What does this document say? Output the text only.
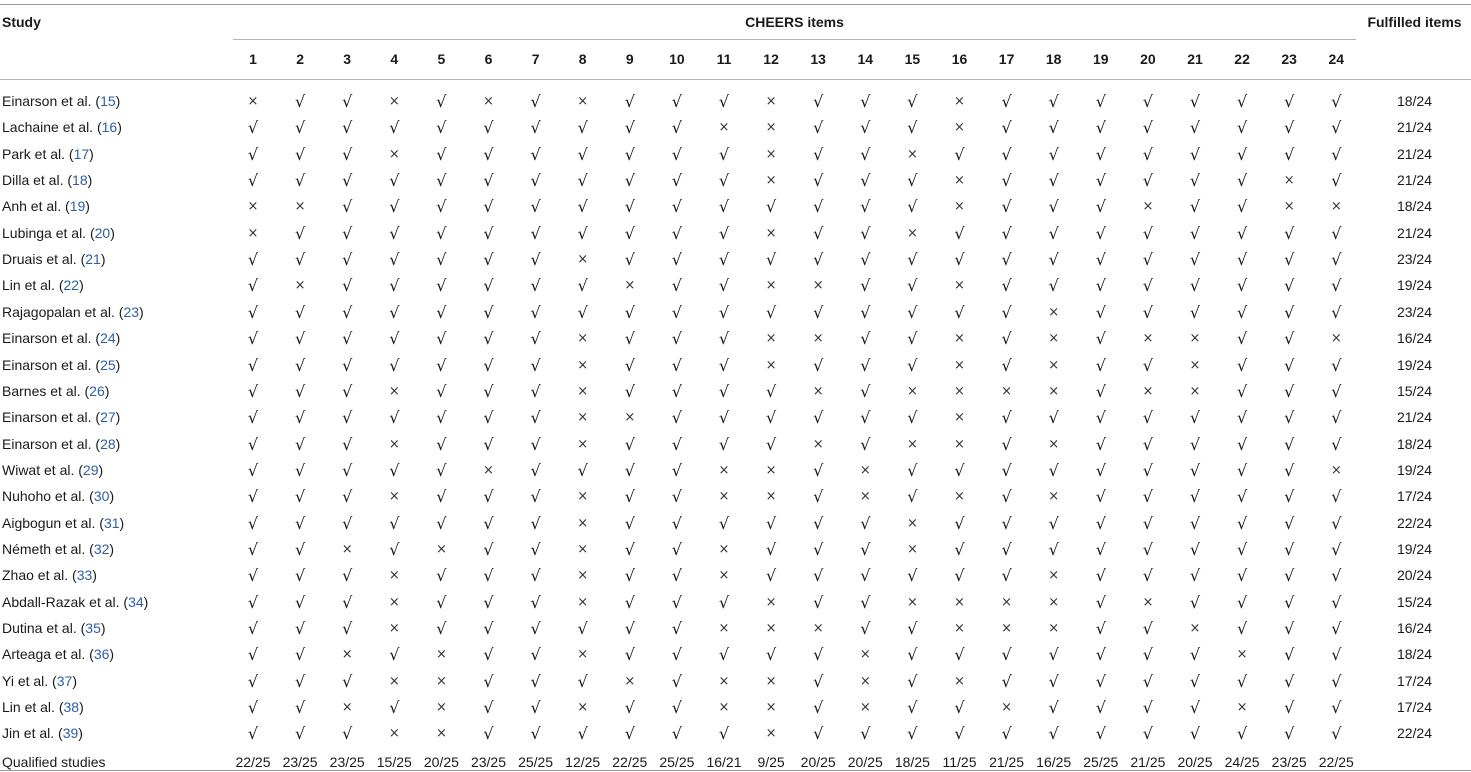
Study	CHEERS items	Fulfilled items
1	2	3	4	5	6	7	8	9	10 11 12 13 14 15 16 17 18 19 20 21 22 23 24
Einarson et al. (15)	×	√	√	×	√	×	√	×	√	√	√	×	√	√	√	×	√	√	√	√	√	√	√	√	18/24
Lachaine et al. (16)	√	√	√	√	√	√	√	√	√	√	×	×	√	√	√	×	√	√	√	√	√	√	√	√	21/24
Park et al. (17)	√	√	√	×	√	√	√	√	√	√	√	×	√	√	×	√	√	√	√	√	√	√	√	√	21/24
Dilla et al. (18)	√	√	√	√	√	√	√	√	√	√	√	×	√	√	√	×	√	√	√	√	√	√	×	√	21/24
Anh et al. (19)	×	×	√	√	√	√	√	√	√	√	√	√	√	√	√	×	√	√	√	×	√	√	×	×	18/24
Lubinga et al. (20)	×	√	√	√	√	√	√	√	√	√	√	×	√	√	×	√	√	√	√	√	√	√	√	√	21/24
Druais et al. (21)	√	√	√	√	√	√	√	×	√	√	√	√	√	√	√	√	√	√	√	√	√	√	√	√	23/24
Lin et al. (22)	√	×	√	√	√	√	√	√	×	√	√	×	×	√	√	×	√	√	√	√	√	√	√	√	19/24
Rajagopalan et al. (23)	√	√	√	√	√	√	√	√	√	√	√	√	√	√	√	√	√	×	√	√	√	√	√	√	23/24
Einarson et al. (24)	√	√	√	√	√	√	√	×	√	√	√	×	×	√	√	×	√	×	√	×	×	√	√	×	16/24
Einarson et al. (25)	√	√	√	√	√	√	√	×	√	√	√	×	√	√	√	×	√	×	√	√	×	√	√	√	19/24
Barnes et al. (26)	√	√	√	×	√	√	√	×	√	√	√	√	×	√	×	×	×	×	√	×	×	√	√	√	15/24
Einarson et al. (27)	√	√	√	√	√	√	√	×	×	√	√	√	√	√	√	×	√	√	√	√	√	√	√	√	21/24
Einarson et al. (28)	√	√	√	×	√	√	√	×	√	√	√	√	×	√	×	×	√	×	√	√	√	√	√	√	18/24
Wiwat et al. (29)	√	√	√	√	√	×	√	√	√	√	×	×	√	×	√	√	√	√	√	√	√	√	√	×	19/24
Nuhoho et al. (30)	√	√	√	×	√	√	√	×	√	√	×	×	√	×	√	×	√	×	√	√	√	√	√	√	17/24
Aigbogun et al. (31)	√	√	√	√	√	√	√	×	√	√	√	√	√	√	×	√	√	√	√	√	√	√	√	√	22/24
Németh et al. (32)	√	√	×	√	×	√	√	×	√	√	×	√	√	√	×	√	√	√	√	√	√	√	√	√	19/24
Zhao et al. (33)	√	√	√	×	√	√	√	×	√	√	×	√	√	√	√	√	√	×	√	√	√	√	√	√	20/24
Abdall-Razak et al. (34)	√	√	√	×	√	√	√	×	√	√	√	×	√	√	×	×	×	×	√	×	√	√	√	√	15/24
Dutina et al. (35)	√	√	√	×	√	√	√	√	√	√	×	×	×	√	√	×	×	×	√	√	×	√	√	√	16/24
Arteaga et al. (36)	√	√	×	√	×	√	√	×	√	√	√	√	√	×	√	√	√	√	√	√	√	×	√	√	18/24
Yi et al. (37)	√	√	√	×	×	√	√	√	×	√	×	×	√	×	√	×	√	√	√	√	√	√	√	√	17/24
Lin et al. (38)	√	√	×	√	×	√	√	×	√	√	×	×	√	×	√	√	×	√	√	√	√	×	√	√	17/24
Jin et al. (39)	√	√	√	×	×	√	√	√	√	√	√	×	√	√	√	√	√	√	√	√	√	√	√	√	22/24
Qualified studies	22/25 23/25 23/25 15/25 20/25 23/25 25/25 12/25 22/25 25/25 16/21	9/25	20/25 20/25 18/25 11/25 21/25 16/25 25/25 21/25 20/25 24/25 23/25 22/25
